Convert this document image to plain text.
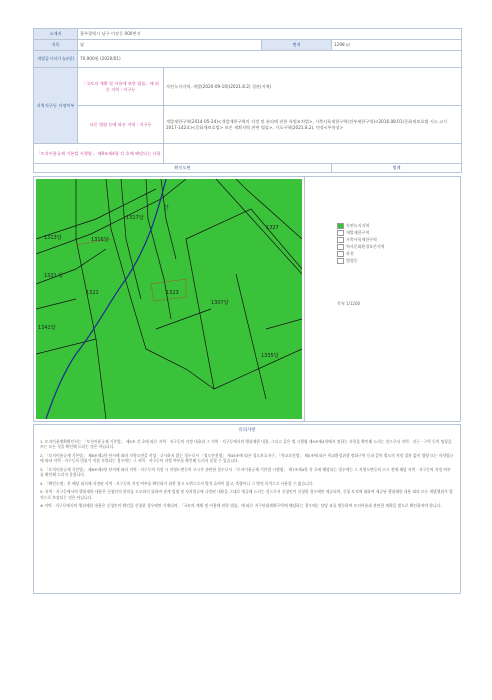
소재지	광주광역시 남구 이장동 000번지			
지목	답		면적	1298 ㎡
개별공시지가 (㎡당)	70,900원 (2020/01)			
지역지구등 지정여부	「국토의 계획 및 이용에 관한 법률」에 따른 지역 · 지구등	자연녹지지역, 개발(2020-09-10)(2021.8.2) 경관(지역)		
	다른 법령 등에 따른 지역 · 지구등	개발제한구역(2014-05-24)<개발제한구역의 지정 및 관리에 관한 특별조치법>, 가축사육제한구역(전부제한구역)<2016.08.01(문화재보호법 시스 고시 2017-142호)<문화재보호법> 보존 계획지역 관련 법률>, 가로구역(2021.8.2), 연장<주차장>		
「토지이용규제 기본법 시행령」 제9조제4항 각 호에 해당되는 사항				
확인도면				범례
1313답	1316답
1317답
산
1321 답
1322
1341답
1323
1327
1307답
1335답
자연녹지지역
개발제한구역
가축사육제한구역
역사문화환경보존지역
하천
법정동
축척 1/1200
유의사항

1. 토지이용계획확인서는 「토지이용규제 기본법」 제5조 각 호에 따른 지역 · 지구등의 지정 내용과 그 지역 · 지구등에서의 행위제한 내용, 그리고 같은 법 시행령 제9조제4항에서 정하는 사항을 확인해 드리는 것으로서 지역 · 지구 · 구역 등의 명칭을 쓰는 모든 것을 확인해 드리는 것은 아닙니다.

2. 「토지이용규제 기본법」 제8조제2항 단서에 따라 지형도면을 작성 · 고시하지 않는 경우로서 「철도안전법」 제45조에 따른 철도보호지구, 「학교보건법」 제5조에 따른 학교환경위생 정화구역 등과 같이 별도의 지정 절차 없이 법령 또는 자치법규에 따라 지역 · 지구등의 범위가 직접 지정되는 경우에는 그 지역 · 지구등의 지정 여부를 확인해 드리지 못할 수 있습니다.

3. 「토지이용규제 기본법」 제8조제3항 단서에 따라 지역 · 지구등의 지정 시 지형도면등의 고시가 곤란한 경우로서 「토지이용규제 기본법 시행령」 제7조제4항 각 호에 해당되는 경우에는 그 지형도면등의 고시 전에 해당 지역 · 지구등의 지정 여부를 확인해 드리지 못합니다.

4. 「확인도면」은 해당 필지에 지정된 지역 · 지구등의 지정 여부를 확인하기 위한 참고 도면으로서 법적 효력이 없고, 측량이나 그 밖의 목적으로 사용할 수 없습니다.

5. 지역 · 지구등에서의 행위제한 내용은 신청인의 편의를 도모하기 위하여 관계 법령 및 자치법규에 규정된 내용을 그대로 제공해 드리는 것으로서 신청인이 신청한 경우에만 제공되며, 신청 토지에 대하여 제공된 행위제한 내용 외의 모든 개발행위가 법적으로 보장되는 것은 아닙니다.

※ 지역 · 지구등에서의 행위제한 내용은 신청인이 확인을 신청한 경우에만 기재되며, 「국토의 계획 및 이용에 관한 법률」에 따른 지구단위계획구역에 해당하는 경우에는 담당 과를 방문하여 토지이용과 관련한 계획을 별도로 확인하셔야 합니다.
